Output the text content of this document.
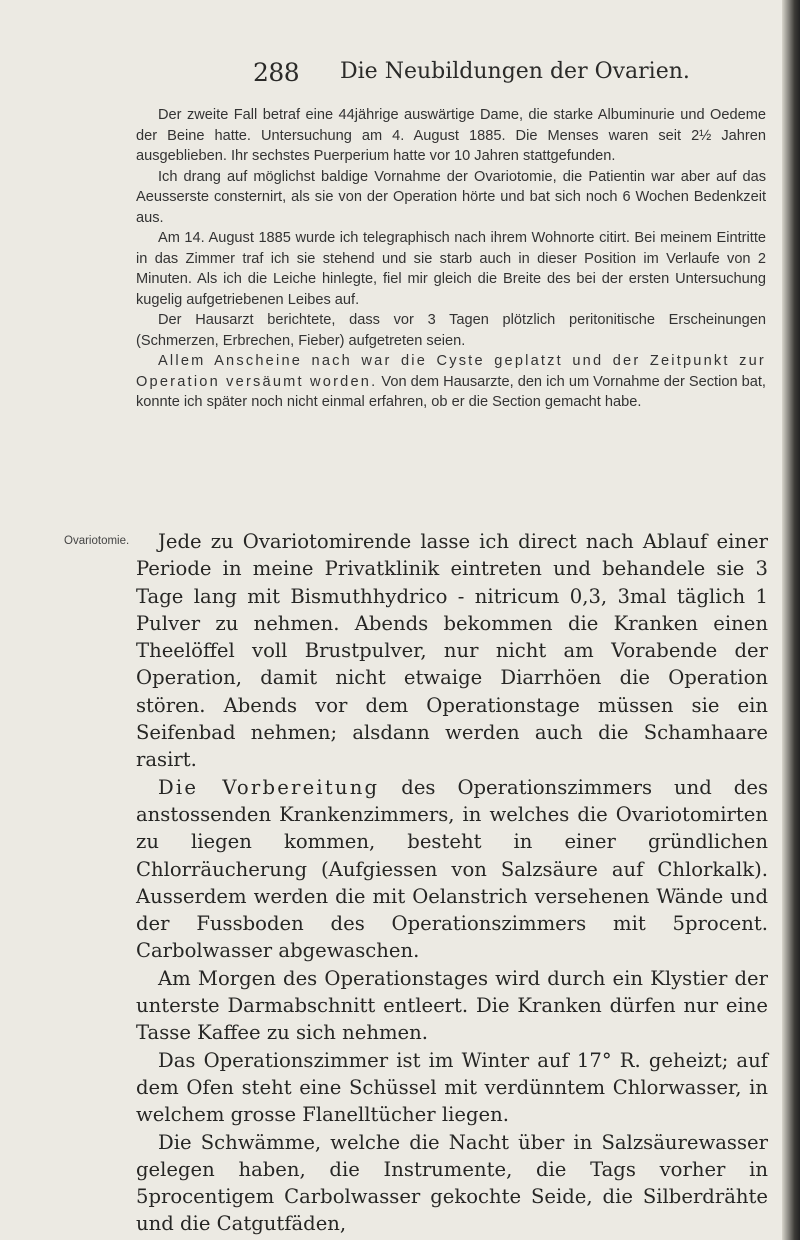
288 Die Neubildungen der Ovarien.

Der zweite Fall betraf eine 44jährige auswärtige Dame, die starke Albuminurie und Oedeme der Beine hatte. Untersuchung am 4. August 1885. Die Menses waren seit 2½ Jahren ausgeblieben. Ihr sechstes Puerperium hatte vor 10 Jahren stattgefunden.

Ich drang auf möglichst baldige Vornahme der Ovariotomie, die Patientin war aber auf das Aeusserste consternirt, als sie von der Operation hörte und bat sich noch 6 Wochen Bedenkzeit aus.

Am 14. August 1885 wurde ich telegraphisch nach ihrem Wohnorte citirt. Bei meinem Eintritte in das Zimmer traf ich sie stehend und sie starb auch in dieser Position im Verlaufe von 2 Minuten. Als ich die Leiche hinlegte, fiel mir gleich die Breite des bei der ersten Untersuchung kugelig aufgetriebenen Leibes auf.

Der Hausarzt berichtete, dass vor 3 Tagen plötzlich peritonitische Erscheinungen (Schmerzen, Erbrechen, Fieber) aufgetreten seien.

Allem Anscheine nach war die Cyste geplatzt und der Zeitpunkt zur Operation versäumt worden. Von dem Hausarzte, den ich um Vornahme der Section bat, konnte ich später noch nicht einmal erfahren, ob er die Section gemacht habe.

Ovariotomie.	Jede zu Ovariotomirende lasse ich direct nach Ablauf einer Periode in meine Privatklinik eintreten und behandele sie 3 Tage lang mit Bismuthhydrico - nitricum 0,3, 3mal täglich 1 Pulver zu nehmen. Abends bekommen die Kranken einen Theelöffel voll Brustpulver, nur nicht am Vorabende der Operation, damit nicht etwaige Diarrhöen die Operation stören. Abends vor dem Operationstage müssen sie ein Seifenbad nehmen; alsdann werden auch die Schamhaare rasirt.

Die Vorbereitung des Operationszimmers und des anstossenden Krankenzimmers, in welches die Ovariotomirten zu liegen kommen, besteht in einer gründlichen Chlorräucherung (Aufgiessen von Salzsäure auf Chlorkalk). Ausserdem werden die mit Oelanstrich versehenen Wände und der Fussboden des Operationszimmers mit 5procent. Carbolwasser abgewaschen.

Am Morgen des Operationstages wird durch ein Klystier der unterste Darmabschnitt entleert. Die Kranken dürfen nur eine Tasse Kaffee zu sich nehmen.

Das Operationszimmer ist im Winter auf 17° R. geheizt; auf dem Ofen steht eine Schüssel mit verdünntem Chlorwasser, in welchem grosse Flanelltücher liegen.

Die Schwämme, welche die Nacht über in Salzsäurewasser gelegen haben, die Instrumente, die Tags vorher in 5procentigem Carbolwasser gekochte Seide, die Silberdrähte und die Catgutfäden,
